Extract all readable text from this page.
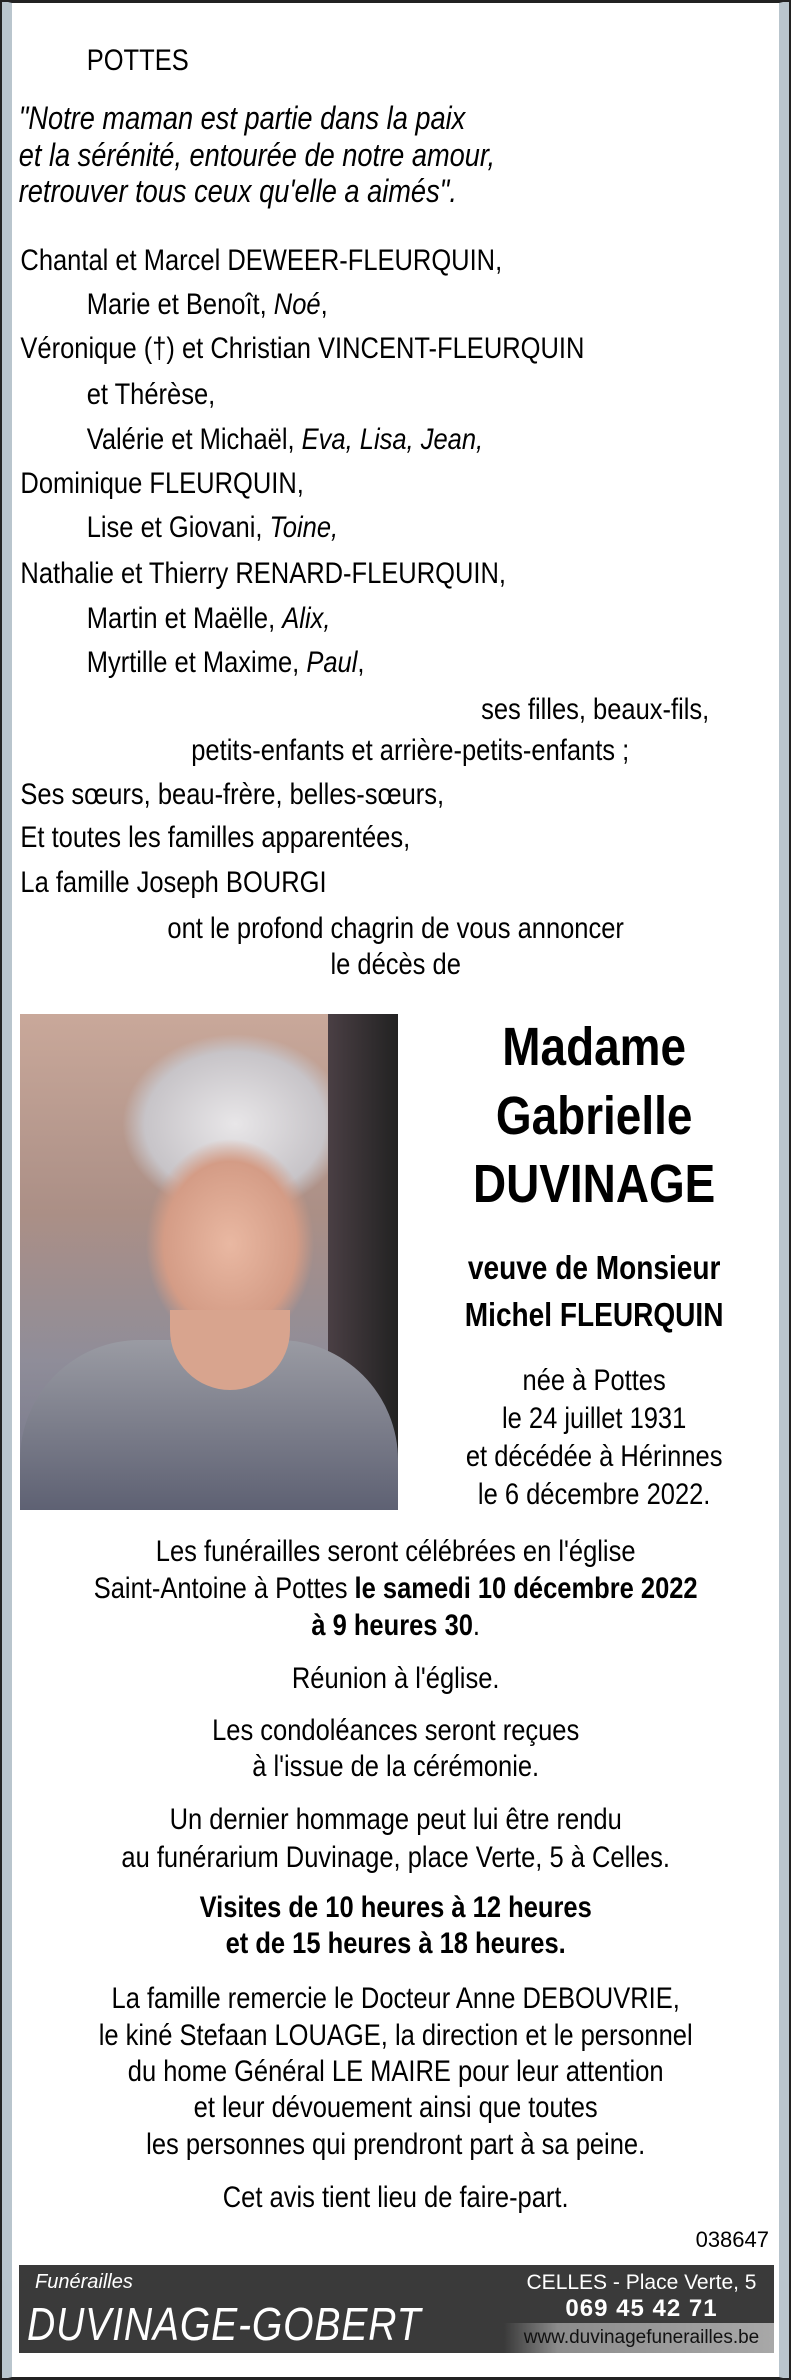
POTTES
"Notre maman est partie dans la paix
et la sérénité, entourée de notre amour,
retrouver tous ceux qu'elle a aimés".
Chantal et Marcel DEWEER-FLEURQUIN,
Marie et Benoît, Noé,
Véronique (†) et Christian VINCENT-FLEURQUIN
et Thérèse,
Valérie et Michaël, Eva, Lisa, Jean,
Dominique FLEURQUIN,
Lise et Giovani, Toine,
Nathalie et Thierry RENARD-FLEURQUIN,
Martin et Maëlle, Alix,
Myrtille et Maxime, Paul,
ses filles, beaux-fils,
petits-enfants et arrière-petits-enfants ;
Ses sœurs, beau-frère, belles-sœurs,
Et toutes les familles apparentées,
La famille Joseph BOURGI
ont le profond chagrin de vous annoncer
le décès de
Madame
Gabrielle
DUVINAGE
veuve de Monsieur
Michel FLEURQUIN
née à Pottes
le 24 juillet 1931
et décédée à Hérinnes
le 6 décembre 2022.
Les funérailles seront célébrées en l'église
Saint-Antoine à Pottes le samedi 10 décembre 2022
à 9 heures 30.
Réunion à l'église.
Les condoléances seront reçues
à l'issue de la cérémonie.
Un dernier hommage peut lui être rendu
au funérarium Duvinage, place Verte, 5 à Celles.
Visites de 10 heures à 12 heures
et de 15 heures à 18 heures.
La famille remercie le Docteur Anne DEBOUVRIE,
le kiné Stefaan LOUAGE, la direction et le personnel
du home Général LE MAIRE pour leur attention
et leur dévouement ainsi que toutes
les personnes qui prendront part à sa peine.
Cet avis tient lieu de faire-part.
038647
Funérailles
DUVINAGE-GOBERT
CELLES - Place Verte, 5
069 45 42 71
www.duvinagefunerailles.be
